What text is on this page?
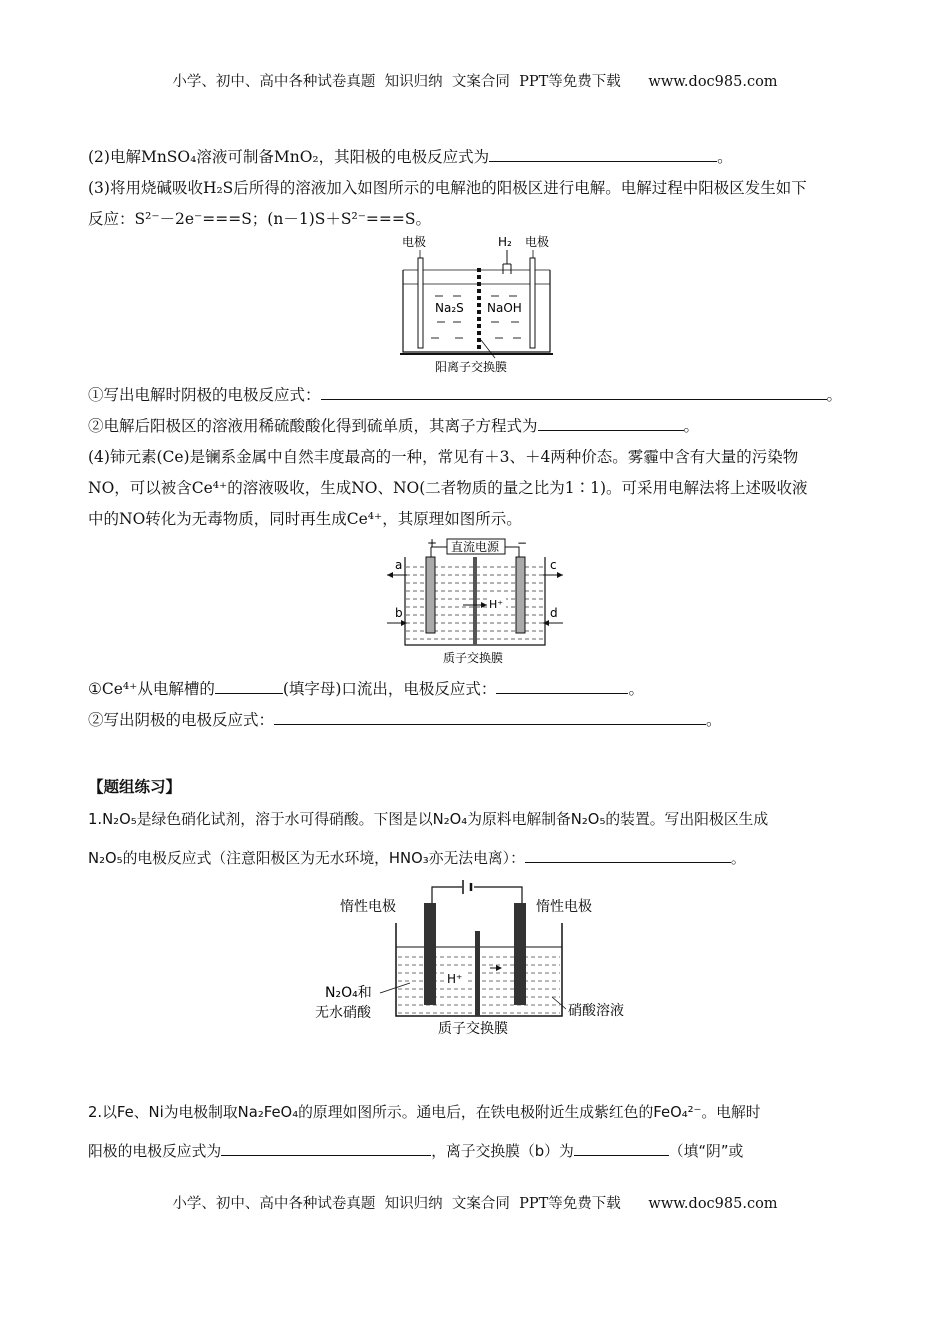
小学、初中、高中各种试卷真题  知识归纳  文案合同  PPT等免费下载      www.doc985.com
(2)电解MnSO₄溶液可制备MnO₂，其阳极的电极反应式为	。
(3)将用烧碱吸收H₂S后所得的溶液加入如图所示的电解池的阳极区进行电解。电解过程中阳极区发生如下
反应：S²⁻－2e⁻===S；(n－1)S＋S²⁻===S。
电极	H₂ 电极
Na₂S NaOH
阳离子交换膜
①写出电解时阴极的电极反应式：	。
②电解后阳极区的溶液用稀硫酸酸化得到硫单质，其离子方程式为	。
(4)铈元素(Ce)是镧系金属中自然丰度最高的一种，常见有＋3、＋4两种价态。雾霾中含有大量的污染物
NO，可以被含Ce⁴⁺的溶液吸收，生成NO、NO(二者物质的量之比为1∶1)。可采用电解法将上述吸收液
中的NO转化为无毒物质，同时再生成Ce⁴⁺，其原理如图所示。
直流电源
+	−
H⁺
a
b
c
d
质子交换膜
①Ce⁴⁺从电解槽的	(填字母)口流出，电极反应式：	。
②写出阴极的电极反应式：	。
【题组练习】
1.N₂O₅是绿色硝化试剂，溶于水可得硝酸。下图是以N₂O₄为原料电解制备N₂O₅的装置。写出阳极区生成
N₂O₅的电极反应式（注意阳极区为无水环境，HNO₃亦无法电离）：	。
惰性电极	惰性电极
H⁺
N₂O₄和
无水硝酸	硝酸溶液
质子交换膜
2.以Fe、Ni为电极制取Na₂FeO₄的原理如图所示。通电后，在铁电极附近生成紫红色的FeO₄²⁻。电解时
阳极的电极反应式为	，离子交换膜（b）为	（填“阴”或
小学、初中、高中各种试卷真题  知识归纳  文案合同  PPT等免费下载      www.doc985.com
